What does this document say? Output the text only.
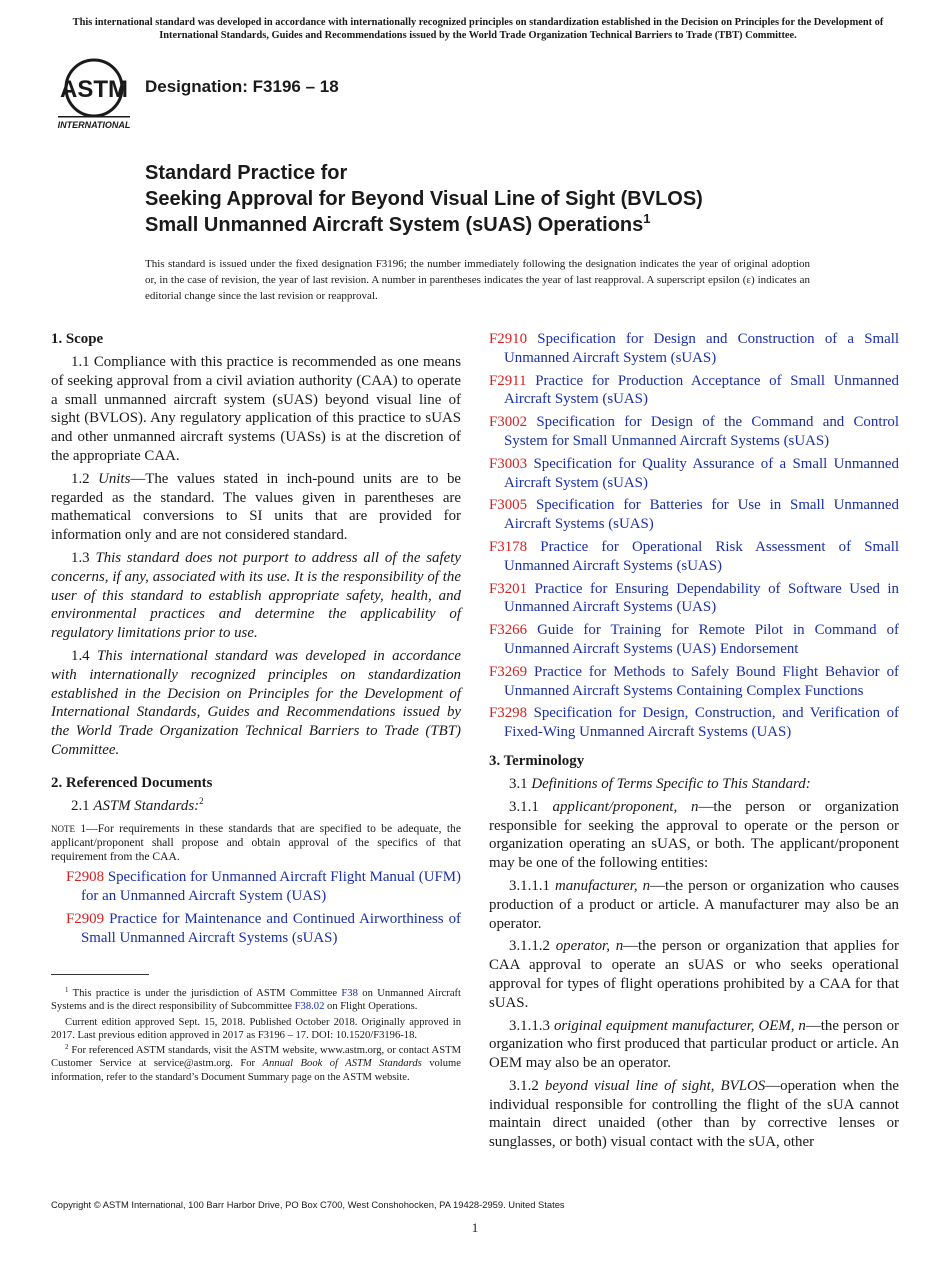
This international standard was developed in accordance with internationally recognized principles on standardization established in the Decision on Principles for the Development of International Standards, Guides and Recommendations issued by the World Trade Organization Technical Barriers to Trade (TBT) Committee.
ASTM
INTERNATIONAL
Designation: F3196 – 18
Standard Practice for
Seeking Approval for Beyond Visual Line of Sight (BVLOS)
Small Unmanned Aircraft System (sUAS) Operations$^1$
This standard is issued under the fixed designation F3196; the number immediately following the designation indicates the year of original adoption or, in the case of revision, the year of last revision. A number in parentheses indicates the year of last reapproval. A superscript epsilon (ε) indicates an editorial change since the last revision or reapproval.
1. Scope

1.1 Compliance with this practice is recommended as one means of seeking approval from a civil aviation authority (CAA) to operate a small unmanned aircraft system (sUAS) beyond visual line of sight (BVLOS). Any regulatory application of this practice to sUAS and other unmanned aircraft systems (UASs) is at the discretion of the appropriate CAA.

1.2 Units—The values stated in inch-pound units are to be regarded as the standard. The values given in parentheses are mathematical conversions to SI units that are provided for information only and are not considered standard.

1.3 This standard does not purport to address all of the safety concerns, if any, associated with its use. It is the responsibility of the user of this standard to establish appropriate safety, health, and environmental practices and determine the applicability of regulatory limitations prior to use.

1.4 This international standard was developed in accordance with internationally recognized principles on standardization established in the Decision on Principles for the Development of International Standards, Guides and Recommendations issued by the World Trade Organization Technical Barriers to Trade (TBT) Committee.

2. Referenced Documents

2.1 ASTM Standards:$^2$

NOTE 1—For requirements in these standards that are specified to be adequate, the applicant/proponent shall propose and obtain approval of the specifics of that requirement from the CAA.

F2908 Specification for Unmanned Aircraft Flight Manual (UFM) for an Unmanned Aircraft System (UAS)

F2909 Practice for Maintenance and Continued Airworthiness of Small Unmanned Aircraft Systems (sUAS)

$^1$ This practice is under the jurisdiction of ASTM Committee F38 on Unmanned Aircraft Systems and is the direct responsibility of Subcommittee F38.02 on Flight Operations.

Current edition approved Sept. 15, 2018. Published October 2018. Originally approved in 2017. Last previous edition approved in 2017 as F3196 – 17. DOI: 10.1520/F3196-18.

$^2$ For referenced ASTM standards, visit the ASTM website, www.astm.org, or contact ASTM Customer Service at service@astm.org. For Annual Book of ASTM Standards volume information, refer to the standard’s Document Summary page on the ASTM website.

F2910 Specification for Design and Construction of a Small Unmanned Aircraft System (sUAS)

F2911 Practice for Production Acceptance of Small Unmanned Aircraft System (sUAS)

F3002 Specification for Design of the Command and Control System for Small Unmanned Aircraft Systems (sUAS)

F3003 Specification for Quality Assurance of a Small Unmanned Aircraft System (sUAS)

F3005 Specification for Batteries for Use in Small Unmanned Aircraft Systems (sUAS)

F3178 Practice for Operational Risk Assessment of Small Unmanned Aircraft Systems (sUAS)

F3201 Practice for Ensuring Dependability of Software Used in Unmanned Aircraft Systems (UAS)

F3266 Guide for Training for Remote Pilot in Command of Unmanned Aircraft Systems (UAS) Endorsement

F3269 Practice for Methods to Safely Bound Flight Behavior of Unmanned Aircraft Systems Containing Complex Functions

F3298 Specification for Design, Construction, and Verification of Fixed-Wing Unmanned Aircraft Systems (UAS)

3. Terminology

3.1 Definitions of Terms Specific to This Standard:

3.1.1 applicant/proponent, n—the person or organization responsible for seeking the approval to operate or the person or organization operating an sUAS, or both. The applicant/proponent may be one of the following entities:

3.1.1.1 manufacturer, n—the person or organization who causes production of a product or article. A manufacturer may also be an operator.

3.1.1.2 operator, n—the person or organization that applies for CAA approval to operate an sUAS or who seeks operational approval for types of flight operations prohibited by a CAA for that sUAS.

3.1.1.3 original equipment manufacturer, OEM, n—the person or organization who first produced that particular product or article. An OEM may also be an operator.

3.1.2 beyond visual line of sight, BVLOS—operation when the individual responsible for controlling the flight of the sUA cannot maintain direct unaided (other than by corrective lenses or sunglasses, or both) visual contact with the sUA, other

Copyright © ASTM International, 100 Barr Harbor Drive, PO Box C700, West Conshohocken, PA 19428-2959. United States
1
